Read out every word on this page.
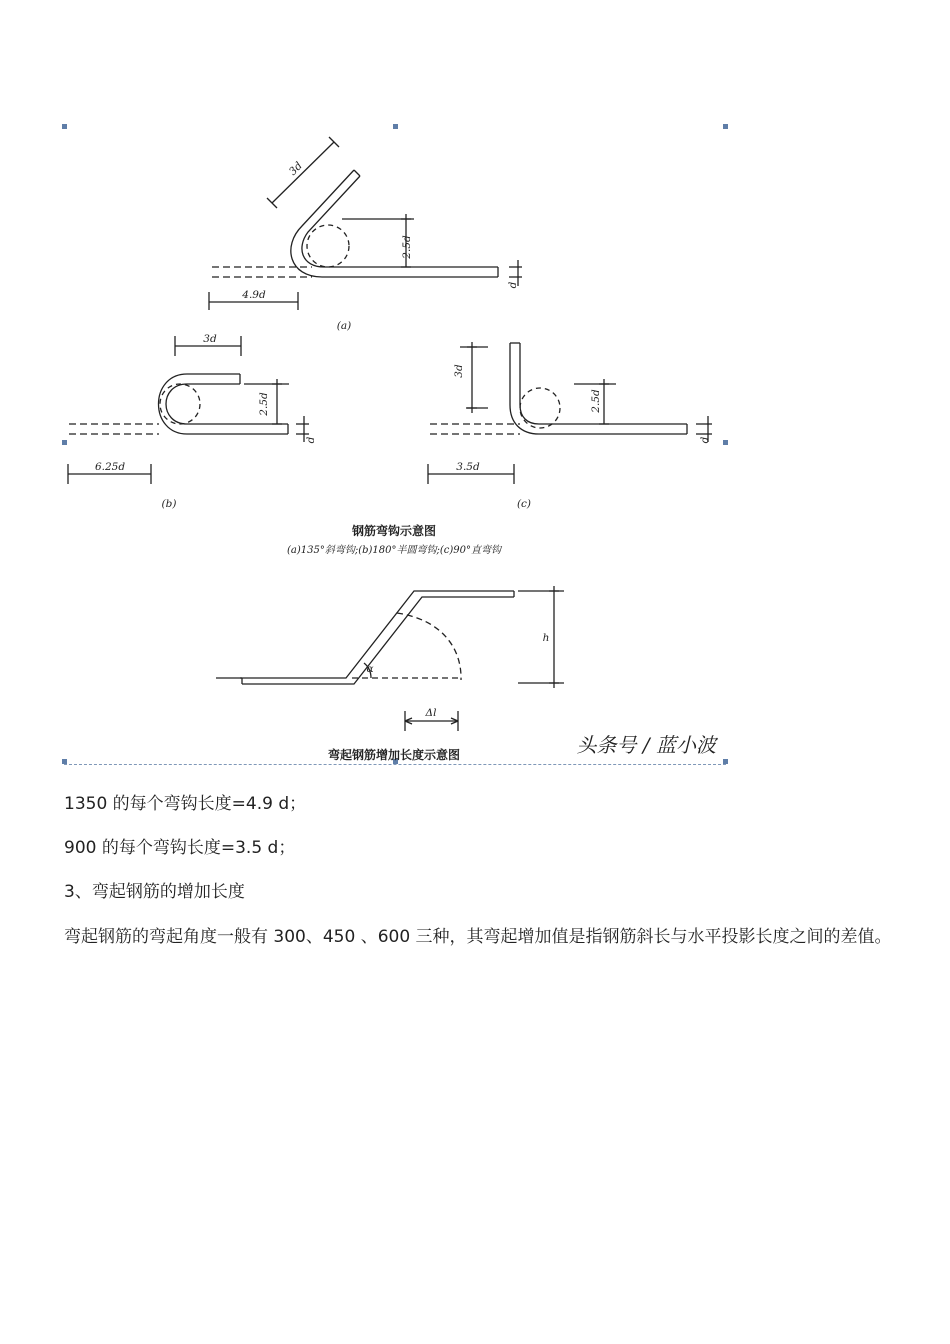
3d
2.5d
d
4.9d
(a)
3d
2.5d
d
6.25d
(b)
3d
2.5d
d
3.5d
(c)
钢筋弯钩示意图
(a)135°斜弯钩;(b)180°半圆弯钩;(c)90°直弯钩
h
α
Δl
弯起钢筋增加长度示意图	头条号 / 蓝小波

1350 的每个弯钩长度=4.9 d；

900 的每个弯钩长度=3.5 d；

3、弯起钢筋的增加长度

弯起钢筋的弯起角度一般有 300、450 、600 三种，其弯起增加值是指钢筋斜长与水平投影长度之间的差值。
